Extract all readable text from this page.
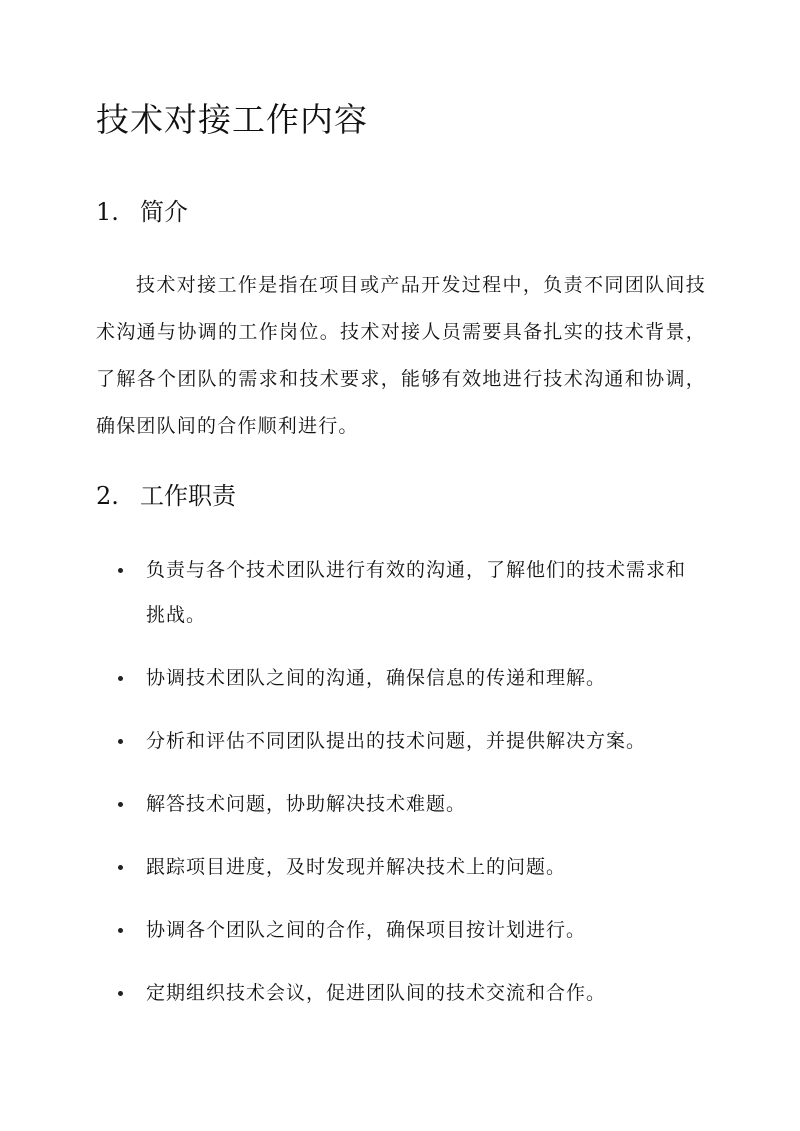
技术对接工作内容
1. 简介

技术对接工作是指在项目或产品开发过程中，负责不同团队间技术沟通与协调的工作岗位。技术对接人员需要具备扎实的技术背景，了解各个团队的需求和技术要求，能够有效地进行技术沟通和协调，确保团队间的合作顺利进行。

2. 工作职责
负责与各个技术团队进行有效的沟通，了解他们的技术需求和挑战。
协调技术团队之间的沟通，确保信息的传递和理解。
分析和评估不同团队提出的技术问题，并提供解决方案。
解答技术问题，协助解决技术难题。
跟踪项目进度，及时发现并解决技术上的问题。
协调各个团队之间的合作，确保项目按计划进行。
定期组织技术会议，促进团队间的技术交流和合作。
